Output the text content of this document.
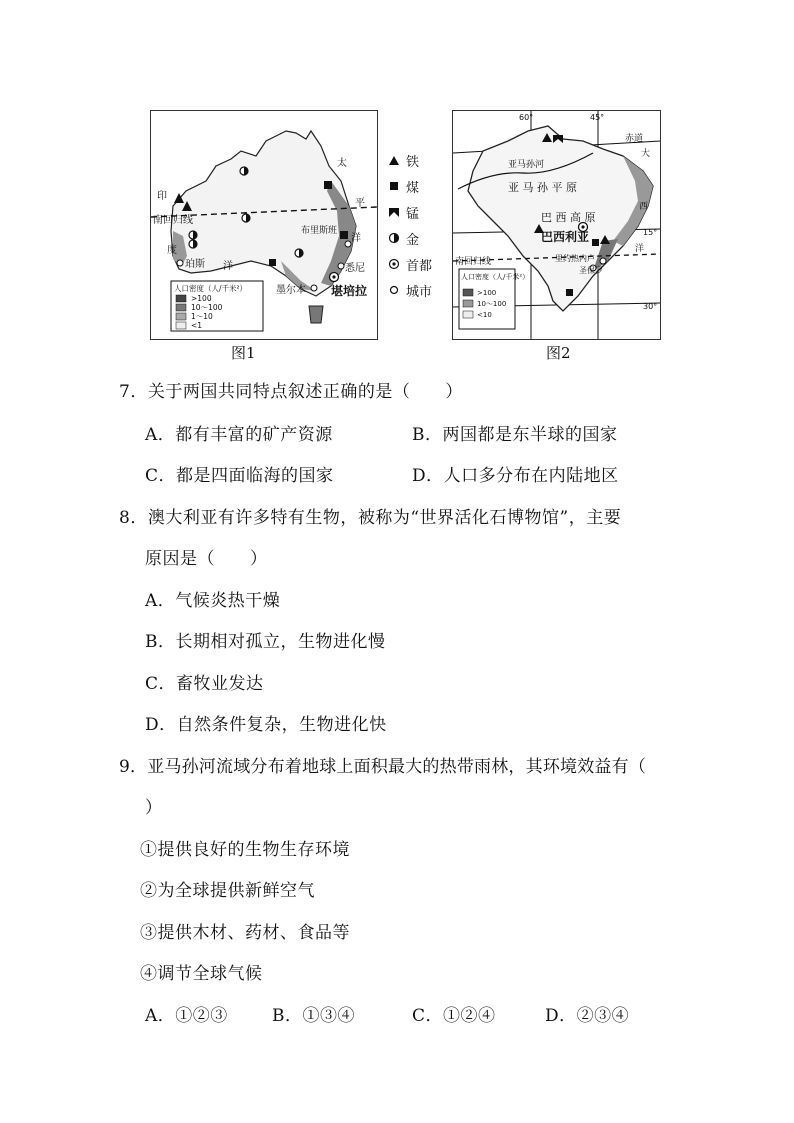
印
度
洋
太
平
洋
南回归线
珀斯
布里斯班
悉尼
墨尔本 堪培拉
人口密度（人/千米²）
>100
10～100
1～10
<1
铁
煤
锰
金
首都
城市
60°	45°
赤道
15°
30°
亚马孙河
亚 马 孙 平 原
巴 西 高 原
巴西利亚
里约热内卢
圣保罗
南回归线
大
西
洋
人口密度（人/千米²）
>100
10～100
<10
图1	图2
7．关于两国共同特点叙述正确的是（　　）
A．都有丰富的矿产资源	B．两国都是东半球的国家
C．都是四面临海的国家	D．人口多分布在内陆地区
8．澳大利亚有许多特有生物，被称为“世界活化石博物馆”，主要
原因是（　　）
A．气候炎热干燥
B．长期相对孤立，生物进化慢
C．畜牧业发达
D．自然条件复杂，生物进化快
9．亚马孙河流域分布着地球上面积最大的热带雨林，其环境效益有（
）
①提供良好的生物生存环境
②为全球提供新鲜空气
③提供木材、药材、食品等
④调节全球气候
A．①②③	B．①③④	C．①②④	D．②③④
